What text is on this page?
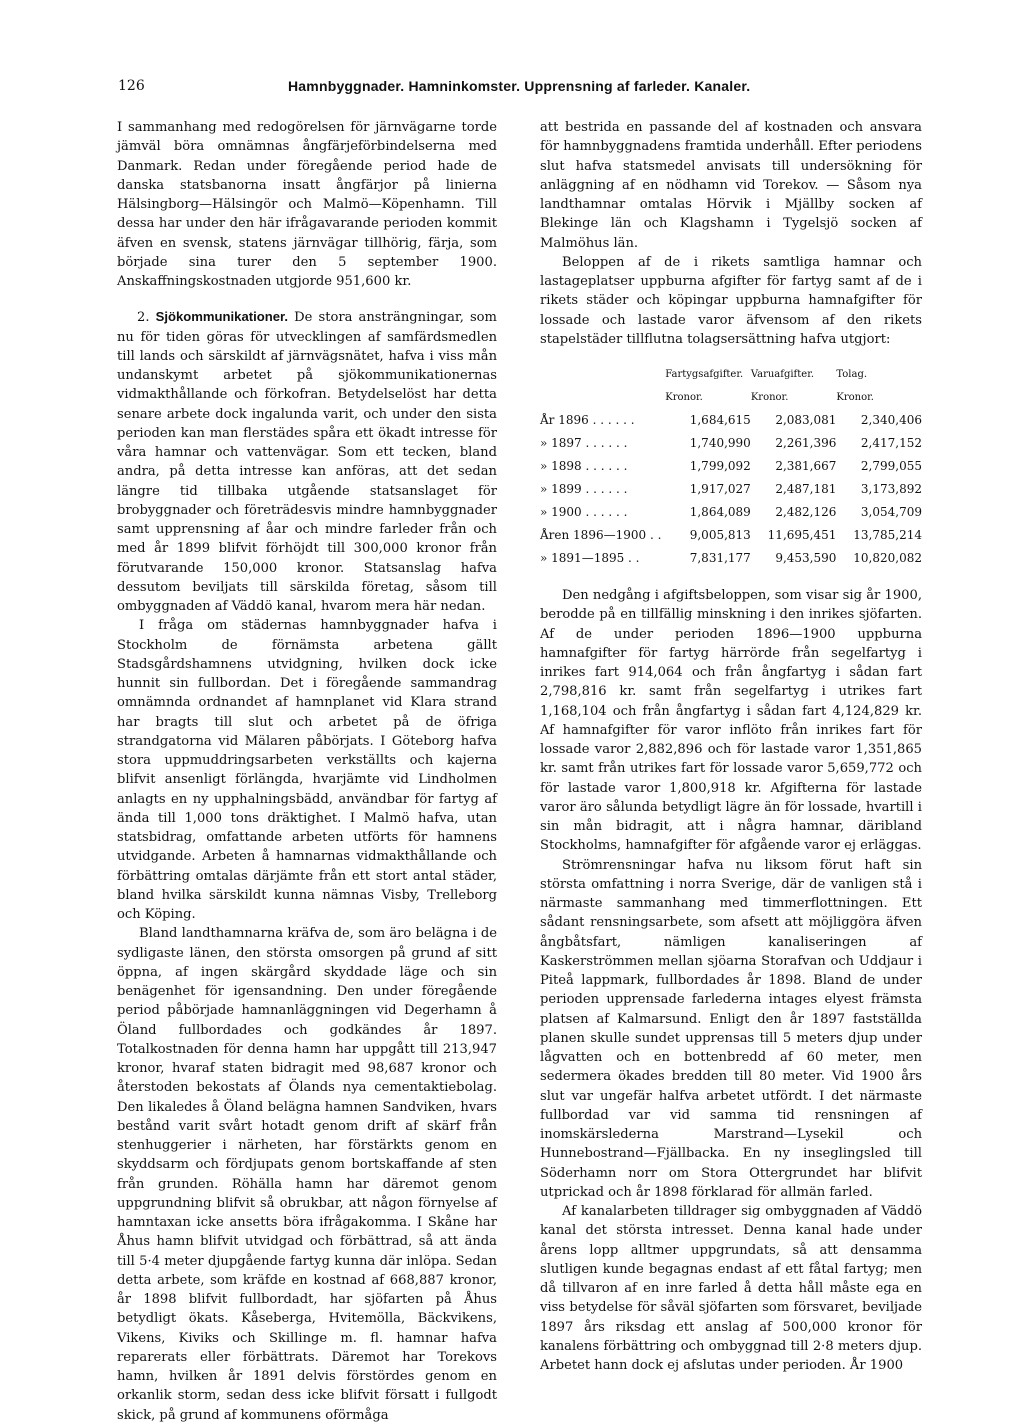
126	Hamnbyggnader. Hamninkomster. Upprensning af farleder. Kanaler.

I sammanhang med redogörelsen för järnvägarne torde jämväl böra omnämnas ångfärjeförbindelserna med Danmark. Redan under föregående period hade de danska statsbanorna insatt ångfärjor på linierna Hälsingborg—Hälsingör och Malmö—Köpenhamn. Till dessa har under den här ifrågavarande perioden kommit äfven en svensk, statens järnvägar tillhörig, färja, som började sina turer den 5 september 1900. Anskaffningskostnaden utgjorde 951,600 kr.

2. Sjökommunikationer. De stora ansträngningar, som nu för tiden göras för utvecklingen af samfärdsmedlen till lands och särskildt af järnvägsnätet, hafva i viss mån undanskymt arbetet på sjökommunikationernas vidmakthållande och förkofran. Betydelselöst har detta senare arbete dock ingalunda varit, och under den sista perioden kan man flerstädes spåra ett ökadt intresse för våra hamnar och vattenvägar. Som ett tecken, bland andra, på detta intresse kan anföras, att det sedan längre tid tillbaka utgående statsanslaget för brobyggnader och företrädesvis mindre hamnbyggnader samt upprensning af åar och mindre farleder från och med år 1899 blifvit förhöjdt till 300,000 kronor från förutvarande 150,000 kronor. Statsanslag hafva dessutom beviljats till särskilda företag, såsom till ombyggnaden af Väddö kanal, hvarom mera här nedan.

I fråga om städernas hamnbyggnader hafva i Stockholm de förnämsta arbetena gällt Stadsgårdshamnens utvidgning, hvilken dock icke hunnit sin fullbordan. Det i föregående sammandrag omnämnda ordnandet af hamnplanet vid Klara strand har bragts till slut och arbetet på de öfriga strandgatorna vid Mälaren påbörjats. I Göteborg hafva stora uppmuddringsarbeten verkställts och kajerna blifvit ansenligt förlängda, hvarjämte vid Lindholmen anlagts en ny upphalningsbädd, användbar för fartyg af ända till 1,000 tons dräktighet. I Malmö hafva, utan statsbidrag, omfattande arbeten utförts för hamnens utvidgande. Arbeten å hamnarnas vidmakthållande och förbättring omtalas därjämte från ett stort antal städer, bland hvilka särskildt kunna nämnas Visby, Trelleborg och Köping.

Bland landthamnarna kräfva de, som äro belägna i de sydligaste länen, den största omsorgen på grund af sitt öppna, af ingen skärgård skyddade läge och sin benägenhet för igensandning. Den under föregående period påbörjade hamnanläggningen vid Degerhamn å Öland fullbordades och godkändes år 1897. Totalkostnaden för denna hamn har uppgått till 213,947 kronor, hvaraf staten bidragit med 98,687 kronor och återstoden bekostats af Ölands nya cementaktiebolag. Den likaledes å Öland belägna hamnen Sandviken, hvars bestånd varit svårt hotadt genom drift af skärf från stenhuggerier i närheten, har förstärkts genom en skyddsarm och fördjupats genom bortskaffande af sten från grunden. Röhälla hamn har däremot genom uppgrundning blifvit så obrukbar, att någon förnyelse af hamntaxan icke ansetts böra ifrågakomma. I Skåne har Åhus hamn blifvit utvidgad och förbättrad, så att ända till 5·4 meter djupgående fartyg kunna där inlöpa. Sedan detta arbete, som kräfde en kostnad af 668,887 kronor, år 1898 blifvit fullbordadt, har sjöfarten på Åhus betydligt ökats. Kåseberga, Hvitemölla, Bäckvikens, Vikens, Kiviks och Skillinge m. fl. hamnar hafva reparerats eller förbättrats. Däremot har Torekovs hamn, hvilken år 1891 delvis förstördes genom en orkanlik storm, sedan dess icke blifvit försatt i fullgodt skick, på grund af kommunens oförmåga

att bestrida en passande del af kostnaden och ansvara för hamnbyggnadens framtida underhåll. Efter periodens slut hafva statsmedel anvisats till undersökning för anläggning af en nödhamn vid Torekov. — Såsom nya landthamnar omtalas Hörvik i Mjällby socken af Blekinge län och Klagshamn i Tygelsjö socken af Malmöhus län.

Beloppen af de i rikets samtliga hamnar och lastageplatser uppburna afgifter för fartyg samt af de i rikets städer och köpingar uppburna hamnafgifter för lossade och lastade varor äfvensom af den rikets stapelstäder tillflutna tolagsersättning hafva utgjort:

	Fartygsafgifter.	Varuafgifter.	Tolag.
	Kronor.	Kronor.	Kronor.
År 1896 . . . . . .	1,684,615	2,083,081	2,340,406
» 1897 . . . . . .	1,740,990	2,261,396	2,417,152
» 1898 . . . . . .	1,799,092	2,381,667	2,799,055
» 1899 . . . . . .	1,917,027	2,487,181	3,173,892
» 1900 . . . . . .	1,864,089	2,482,126	3,054,709
Åren 1896—1900 . .	9,005,813	11,695,451	13,785,214
» 1891—1895 . .	7,831,177	9,453,590	10,820,082

Den nedgång i afgiftsbeloppen, som visar sig år 1900, beroddе på en tillfällig minskning i den inrikes sjöfarten. Af de under perioden 1896—1900 uppburna hamnafgifter för fartyg härrörde från segelfartyg i inrikes fart 914,064 och från ångfartyg i sådan fart 2,798,816 kr. samt från segelfartyg i utrikes fart 1,168,104 och från ångfartyg i sådan fart 4,124,829 kr. Af hamnafgifter för varor inflöto från inrikes fart för lossade varor 2,882,896 och för lastade varor 1,351,865 kr. samt från utrikes fart för lossade varor 5,659,772 och för lastade varor 1,800,918 kr. Afgifterna för lastade varor äro sålunda betydligt lägre än för lossade, hvartill i sin mån bidragit, att i några hamnar, däribland Stockholms, hamnafgifter för afgående varor ej erläggas.

Strömrensningar hafva nu liksom förut haft sin största omfattning i norra Sverige, där de vanligen stå i närmaste sammanhang med timmerflottningen. Ett sådant rensningsarbete, som afsett att möjliggöra äfven ångbåtsfart, nämligen kanaliseringen af Kaskerströmmen mellan sjöarna Storafvan och Uddjaur i Piteå lappmark, fullbordades år 1898. Bland de under perioden upprensade farlederna intages elyest främsta platsen af Kalmarsund. Enligt den år 1897 fastställda planen skulle sundet upprensas till 5 meters djup under lågvatten och en bottenbredd af 60 meter, men sedermera ökades bredden till 80 meter. Vid 1900 års slut var ungefär halfva arbetet utfördt. I det närmaste fullbordad var vid samma tid rensningen af inomskärslederna Marstrand—Lysekil och Hunnebostrand—Fjällbacka. En ny inseglingsled till Söderhamn norr om Stora Ottergrundet har blifvit utprickad och år 1898 förklarad för allmän farled.

Af kanalarbeten tilldrager sig ombyggnaden af Väddö kanal det största intresset. Denna kanal hade under årens lopp alltmer uppgrundats, så att densamma slutligen kunde begagnas endast af ett fåtal fartyg; men då tillvaron af en inre farled å detta håll måste ega en viss betydelse för såväl sjöfarten som försvaret, beviljade 1897 års riksdag ett anslag af 500,000 kronor för kanalens förbättring och ombyggnad till 2·8 meters djup. Arbetet hann dock ej afslutas under perioden. År 1900
